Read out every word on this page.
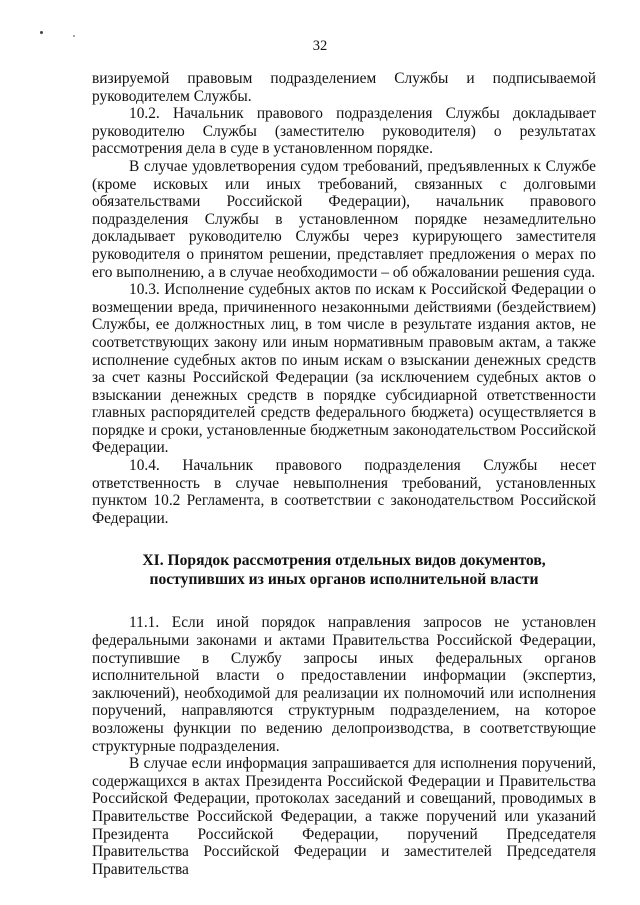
32

визируемой правовым подразделением Службы и подписываемой руководителем Службы.

10.2. Начальник правового подразделения Службы докладывает руководителю Службы (заместителю руководителя) о результатах рассмотрения дела в суде в установленном порядке.

В случае удовлетворения судом требований, предъявленных к Службе (кроме исковых или иных требований, связанных с долговыми обязательствами Российской Федерации), начальник правового подразделения Службы в установленном порядке незамедлительно докладывает руководителю Службы через курирующего заместителя руководителя о принятом решении, представляет предложения о мерах по его выполнению, а в случае необходимости – об обжаловании решения суда.

10.3. Исполнение судебных актов по искам к Российской Федерации о возмещении вреда, причиненного незаконными действиями (бездействием) Службы, ее должностных лиц, в том числе в результате издания актов, не соответствующих закону или иным нормативным правовым актам, а также исполнение судебных актов по иным искам о взыскании денежных средств за счет казны Российской Федерации (за исключением судебных актов о взыскании денежных средств в порядке субсидиарной ответственности главных распорядителей средств федерального бюджета) осуществляется в порядке и сроки, установленные бюджетным законодательством Российской Федерации.

10.4. Начальник правового подразделения Службы несет ответственность в случае невыполнения требований, установленных пунктом 10.2 Регламента, в соответствии с законодательством Российской Федерации.

XI. Порядок рассмотрения отдельных видов документов,
поступивших из иных органов исполнительной власти

11.1. Если иной порядок направления запросов не установлен федеральными законами и актами Правительства Российской Федерации, поступившие в Службу запросы иных федеральных органов исполнительной власти о предоставлении информации (экспертиз, заключений), необходимой для реализации их полномочий или исполнения поручений, направляются структурным подразделением, на которое возложены функции по ведению делопроизводства, в соответствующие структурные подразделения.

В случае если информация запрашивается для исполнения поручений, содержащихся в актах Президента Российской Федерации и Правительства Российской Федерации, протоколах заседаний и совещаний, проводимых в Правительстве Российской Федерации, а также поручений или указаний Президента Российской Федерации, поручений Председателя Правительства Российской Федерации и заместителей Председателя Правительства
